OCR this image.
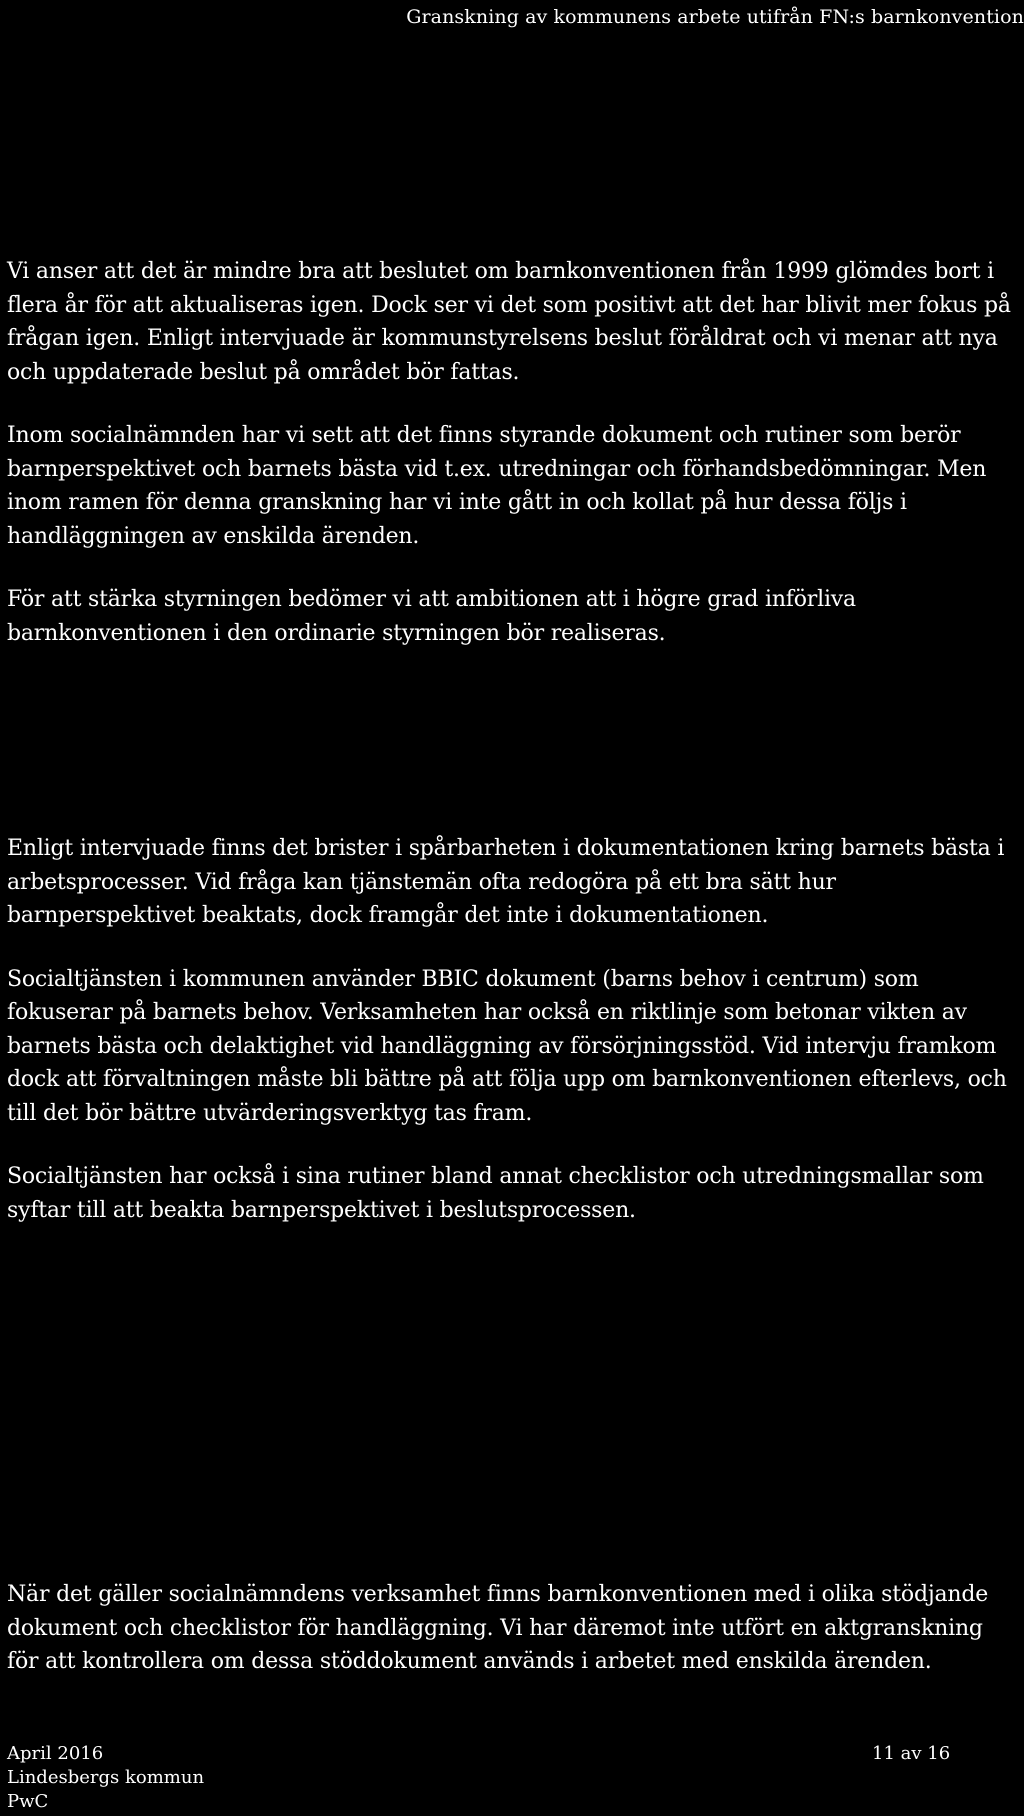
Granskning av kommunens arbete utifrån FN:s barnkonvention

Vi anser att det är mindre bra att beslutet om barnkonventionen från 1999 glömdes bort i flera år för att aktualiseras igen. Dock ser vi det som positivt att det har blivit mer fokus på frågan igen. Enligt intervjuade är kommunstyrelsens beslut föråldrat och vi menar att nya och uppdaterade beslut på området bör fattas.

Inom socialnämnden har vi sett att det finns styrande dokument och rutiner som berör barnperspektivet och barnets bästa vid t.ex. utredningar och förhandsbedömningar. Men inom ramen för denna granskning har vi inte gått in och kollat på hur dessa följs i handläggningen av enskilda ärenden.

För att stärka styrningen bedömer vi att ambitionen att i högre grad införliva barnkonventionen i den ordinarie styrningen bör realiseras.

Enligt intervjuade finns det brister i spårbarheten i dokumentationen kring barnets bästa i arbetsprocesser. Vid fråga kan tjänstemän ofta redogöra på ett bra sätt hur barnperspektivet beaktats, dock framgår det inte i dokumentationen.

Socialtjänsten i kommunen använder BBIC dokument (barns behov i centrum) som fokuserar på barnets behov. Verksamheten har också en riktlinje som betonar vikten av barnets bästa och delaktighet vid handläggning av försörjningsstöd. Vid intervju framkom dock att förvaltningen måste bli bättre på att följa upp om barnkonventionen efterlevs, och till det bör bättre utvärderingsverktyg tas fram.

Socialtjänsten har också i sina rutiner bland annat checklistor och utredningsmallar som syftar till att beakta barnperspektivet i beslutsprocessen.

När det gäller socialnämndens verksamhet finns barnkonventionen med i olika stödjande dokument och checklistor för handläggning. Vi har däremot inte utfört en aktgranskning för att kontrollera om dessa stöddokument används i arbetet med enskilda ärenden.

April 2016
Lindesbergs kommun
PwC
11 av 16
